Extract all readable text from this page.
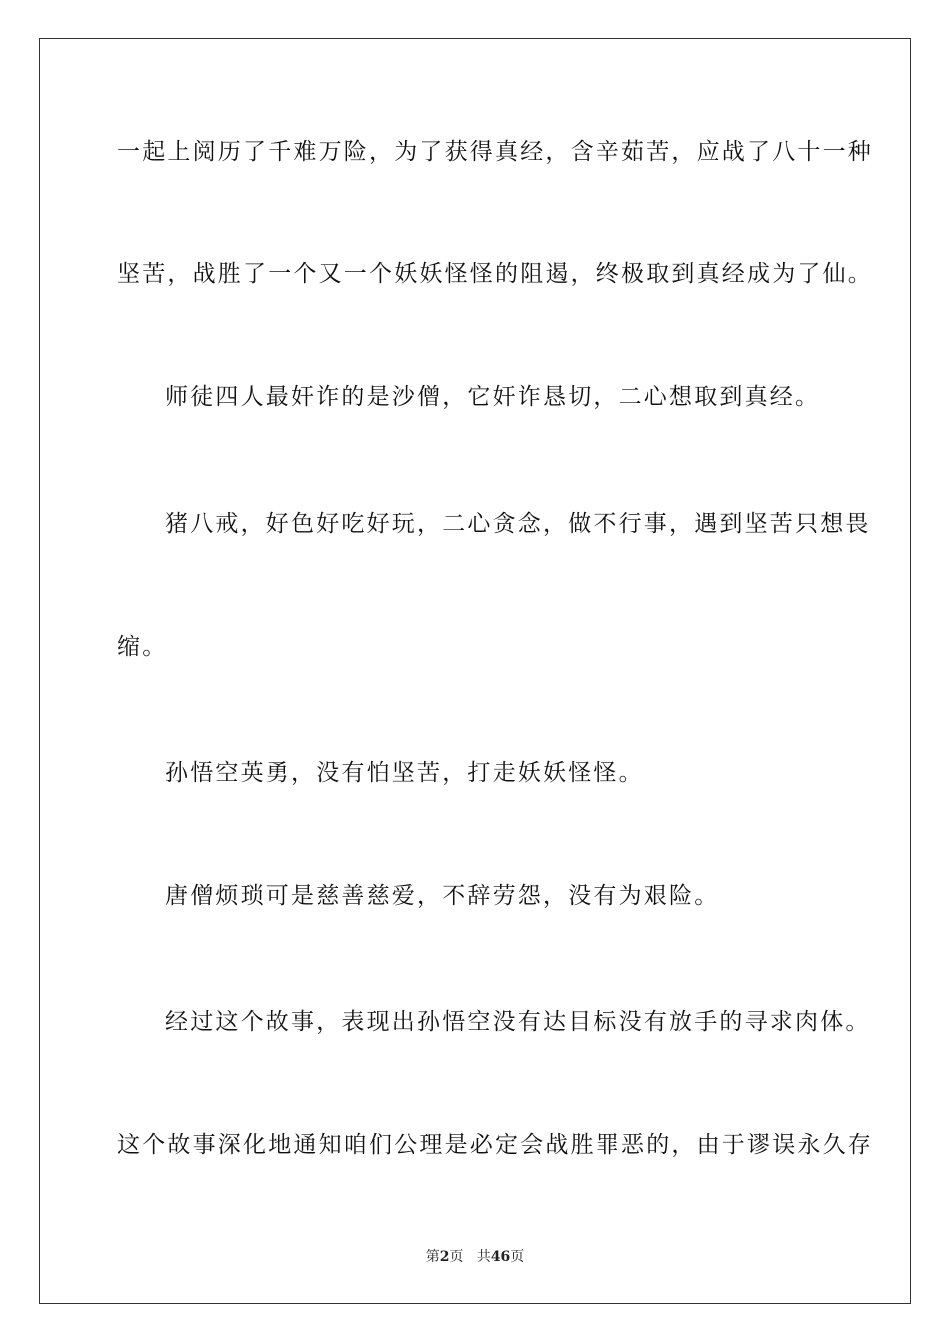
一起上阅历了千难万险，为了获得真经，含辛茹苦，应战了八十一种
坚苦，战胜了一个又一个妖妖怪怪的阻遏，终极取到真经成为了仙。
师徒四人最奸诈的是沙僧，它奸诈恳切，二心想取到真经。
猪八戒，好色好吃好玩，二心贪念，做不行事，遇到坚苦只想畏
缩。
孙悟空英勇，没有怕坚苦，打走妖妖怪怪。
唐僧烦琐可是慈善慈爱，不辞劳怨，没有为艰险。
经过这个故事，表现出孙悟空没有达目标没有放手的寻求肉体。
这个故事深化地通知咱们公理是必定会战胜罪恶的，由于谬误永久存
第2页 共46页
